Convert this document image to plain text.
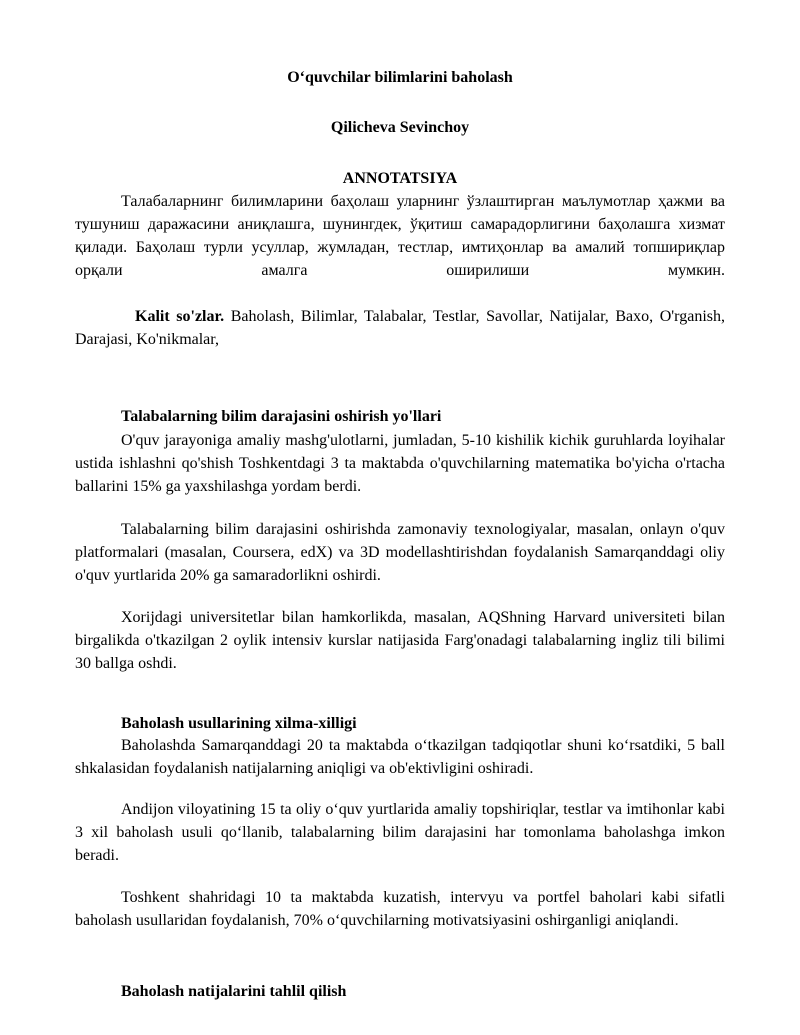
O‘quvchilar bilimlarini baholash
Qilicheva Sevinchoy
ANNOTATSIYA
Талабаларнинг билимларини баҳолаш уларнинг ўзлаштирган маълумотлар ҳажми ва тушуниш даражасини аниқлашга, шунингдек, ўқитиш самарадорлигини баҳолашга хизмат қилади. Баҳолаш турли усуллар, жумладан, тестлар, имтиҳонлар ва амалий топшириқлар орқали амалга оширилиши мумкин.
Kalit so'zlar. Baholash, Bilimlar, Talabalar, Testlar, Savollar, Natijalar, Baxo, O'rganish, Darajasi, Ko'nikmalar,
Talabalarning bilim darajasini oshirish yo'llari
O'quv jarayoniga amaliy mashg'ulotlarni, jumladan, 5-10 kishilik kichik guruhlarda loyihalar ustida ishlashni qo'shish Toshkentdagi 3 ta maktabda o'quvchilarning matematika bo'yicha o'rtacha ballarini 15% ga yaxshilashga yordam berdi.
Talabalarning bilim darajasini oshirishda zamonaviy texnologiyalar, masalan, onlayn o'quv platformalari (masalan, Coursera, edX) va 3D modellashtirishdan foydalanish Samarqanddagi oliy o'quv yurtlarida 20% ga samaradorlikni oshirdi.
Xorijdagi universitetlar bilan hamkorlikda, masalan, AQShning Harvard universiteti bilan birgalikda o'tkazilgan 2 oylik intensiv kurslar natijasida Farg'onadagi talabalarning ingliz tili bilimi 30 ballga oshdi.
Baholash usullarining xilma-xilligi
Baholashda Samarqanddagi 20 ta maktabda o‘tkazilgan tadqiqotlar shuni ko‘rsatdiki, 5 ball shkalasidan foydalanish natijalarning aniqligi va ob'ektivligini oshiradi.
Andijon viloyatining 15 ta oliy o‘quv yurtlarida amaliy topshiriqlar, testlar va imtihonlar kabi 3 xil baholash usuli qo‘llanib, talabalarning bilim darajasini har tomonlama baholashga imkon beradi.
Toshkent shahridagi 10 ta maktabda kuzatish, intervyu va portfel baholari kabi sifatli baholash usullaridan foydalanish, 70% o‘quvchilarning motivatsiyasini oshirganligi aniqlandi.
Baholash natijalarini tahlil qilish
